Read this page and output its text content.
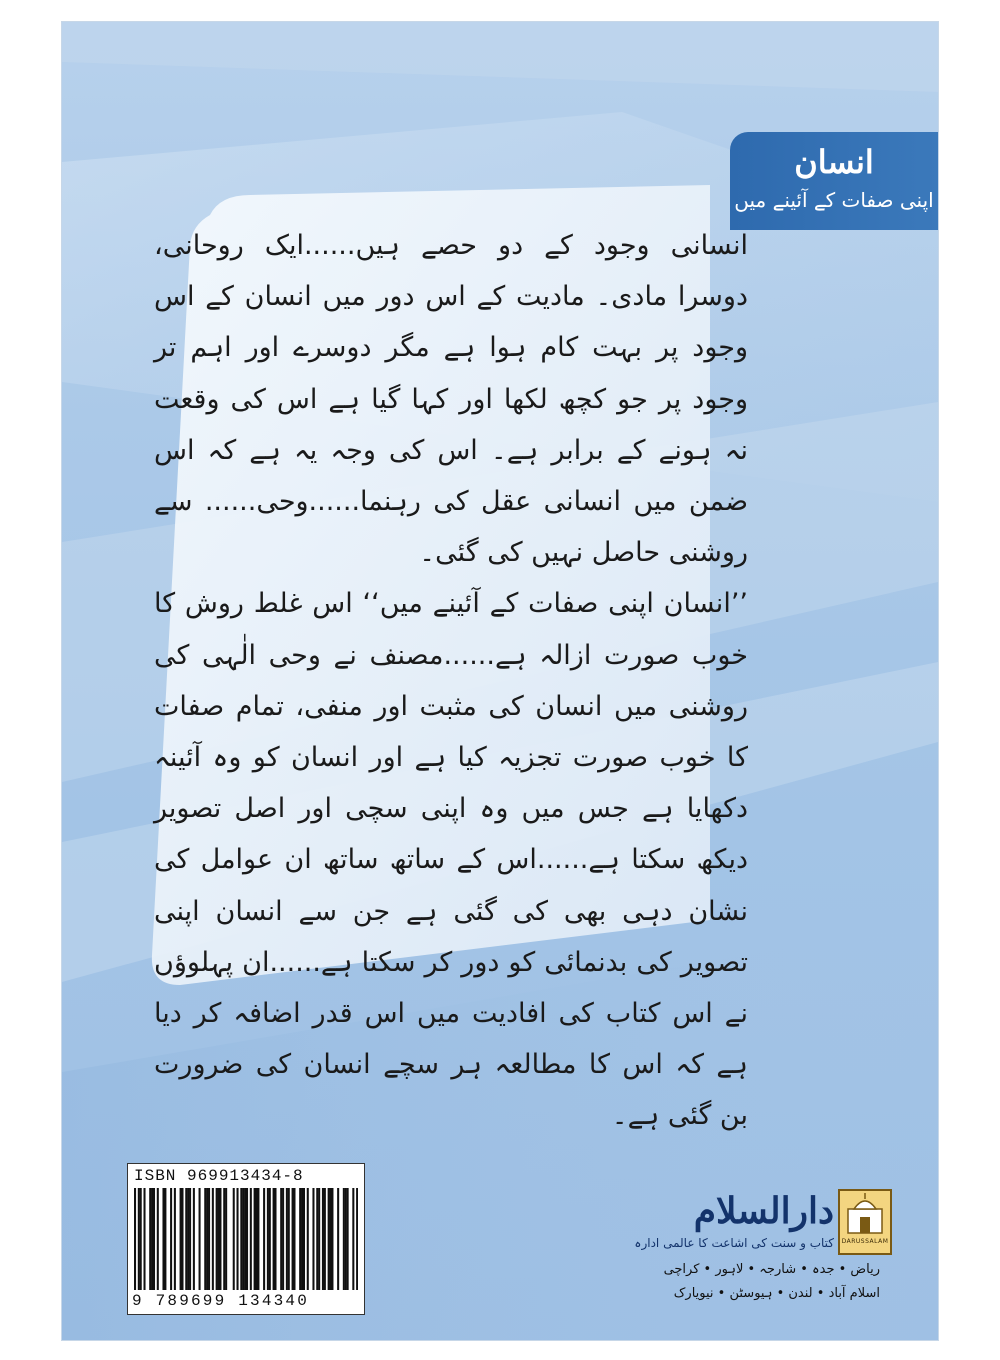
انسان
اپنی صفات کے آئینے میں

انسانی وجود کے دو حصے ہیں......ایک روحانی، دوسرا مادی۔ مادیت کے اس دور میں انسان کے اس وجود پر بہت کام ہوا ہے مگر دوسرے اور اہم تر وجود پر جو کچھ لکھا اور کہا گیا ہے اس کی وقعت نہ ہونے کے برابر ہے۔ اس کی وجہ یہ ہے کہ اس ضمن میں انسانی عقل کی رہنما......وحی...... سے روشنی حاصل نہیں کی گئی۔

’’انسان اپنی صفات کے آئینے میں‘‘ اس غلط روش کا خوب صورت ازالہ ہے......مصنف نے وحی الٰہی کی روشنی میں انسان کی مثبت اور منفی، تمام صفات کا خوب صورت تجزیہ کیا ہے اور انسان کو وہ آئینہ دکھایا ہے جس میں وہ اپنی سچی اور اصل تصویر دیکھ سکتا ہے......اس کے ساتھ ساتھ ان عوامل کی نشان دہی بھی کی گئی ہے جن سے انسان اپنی تصویر کی بدنمائی کو دور کر سکتا ہے......ان پہلوؤں نے اس کتاب کی افادیت میں اس قدر اضافہ کر دیا ہے کہ اس کا مطالعہ ہر سچے انسان کی ضرورت بن گئی ہے۔

ISBN 969913434-8
9 789699 134340
DARUSSALAM
دارالسلام
کتاب و سنت کی اشاعت کا عالمی ادارہ
ریاض • جدہ • شارجہ • لاہور • کراچی
اسلام آباد • لندن • ہیوسٹن • نیویارک
